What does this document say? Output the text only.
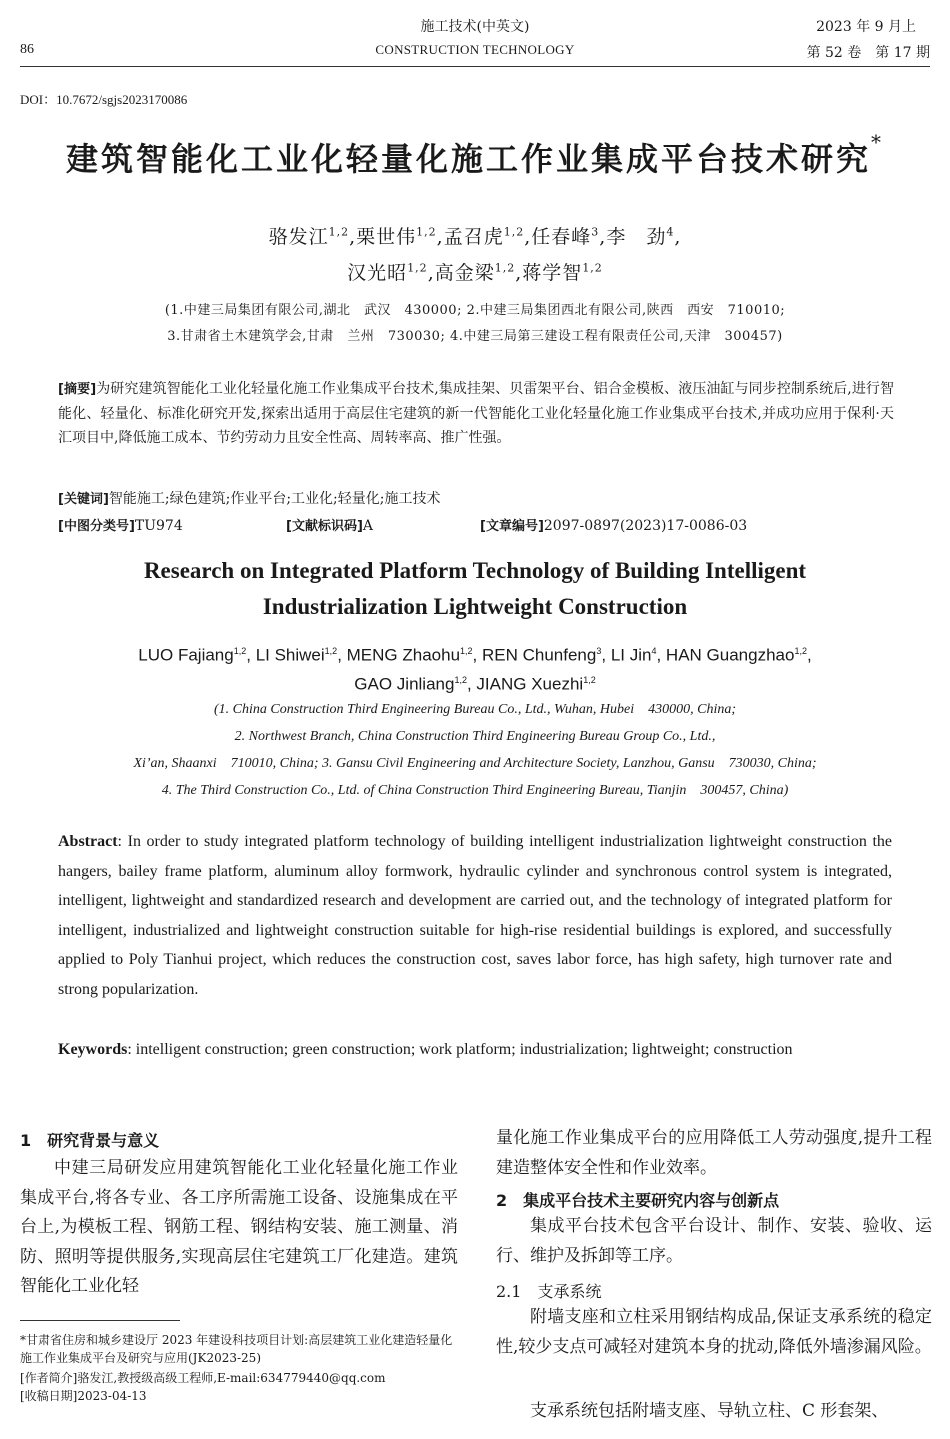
施工技术(中英文)
CONSTRUCTION TECHNOLOGY
86
2023 年 9 月上
第 52 卷　第 17 期
DOI：10.7672/sgjs2023170086
建筑智能化工业化轻量化施工作业集成平台技术研究*
骆发江$^{1,2}$,栗世伟$^{1,2}$,孟召虎$^{1,2}$,任春峰$^3$,李　劲$^4$,
汉光昭$^{1,2}$,高金梁$^{1,2}$,蒋学智$^{1,2}$
(1.中建三局集团有限公司,湖北　武汉　430000; 2.中建三局集团西北有限公司,陕西　西安　710010;
3.甘肃省土木建筑学会,甘肃　兰州　730030; 4.中建三局第三建设工程有限责任公司,天津　300457)
[摘要]为研究建筑智能化工业化轻量化施工作业集成平台技术,集成挂架、贝雷架平台、铝合金模板、液压油缸与同步控制系统后,进行智能化、轻量化、标准化研究开发,探索出适用于高层住宅建筑的新一代智能化工业化轻量化施工作业集成平台技术,并成功应用于保利·天汇项目中,降低施工成本、节约劳动力且安全性高、周转率高、推广性强。
[关键词]智能施工;绿色建筑;作业平台;工业化;轻量化;施工技术
[中图分类号]TU974	[文献标识码]A	[文章编号]2097-0897(2023)17-0086-03
Research on Integrated Platform Technology of Building Intelligent
Industrialization Lightweight Construction
LUO Fajiang$^{1,2}$, LI Shiwei$^{1,2}$, MENG Zhaohu$^{1,2}$, REN Chunfeng$^3$, LI Jin$^4$, HAN Guangzhao$^{1,2}$,
GAO Jinliang$^{1,2}$, JIANG Xuezhi$^{1,2}$
(1. China Construction Third Engineering Bureau Co., Ltd., Wuhan, Hubei　430000, China;
2. Northwest Branch, China Construction Third Engineering Bureau Group Co., Ltd.,
Xi’an, Shaanxi　710010, China; 3. Gansu Civil Engineering and Architecture Society, Lanzhou, Gansu　730030, China;
4. The Third Construction Co., Ltd. of China Construction Third Engineering Bureau, Tianjin　300457, China)
Abstract: In order to study integrated platform technology of building intelligent industrialization lightweight construction the hangers, bailey frame platform, aluminum alloy formwork, hydraulic cylinder and synchronous control system is integrated, intelligent, lightweight and standardized research and development are carried out, and the technology of integrated platform for intelligent, industrialized and lightweight construction suitable for high-rise residential buildings is explored, and successfully applied to Poly Tianhui project, which reduces the construction cost, saves labor force, has high safety, high turnover rate and strong popularization.
Keywords: intelligent construction; green construction; work platform; industrialization; lightweight; construction
1　研究背景与意义
中建三局研发应用建筑智能化工业化轻量化施工作业集成平台,将各专业、各工序所需施工设备、设施集成在平台上,为模板工程、钢筋工程、钢结构安装、施工测量、消防、照明等提供服务,实现高层住宅建筑工厂化建造。建筑智能化工业化轻
量化施工作业集成平台的应用降低工人劳动强度,提升工程建造整体安全性和作业效率。
2　集成平台技术主要研究内容与创新点
集成平台技术包含平台设计、制作、安装、验收、运行、维护及拆卸等工序。
2.1　支承系统
附墙支座和立柱采用钢结构成品,保证支承系统的稳定性,较少支点可减轻对建筑本身的扰动,降低外墙渗漏风险。
支承系统包括附墙支座、导轨立柱、C 形套架、
*甘肃省住房和城乡建设厅 2023 年建设科技项目计划:高层建筑工业化建造轻量化施工作业集成平台及研究与应用(JK2023-25)
[作者简介]骆发江,教授级高级工程师,E-mail:634779440@qq.com
[收稿日期]2023-04-13
